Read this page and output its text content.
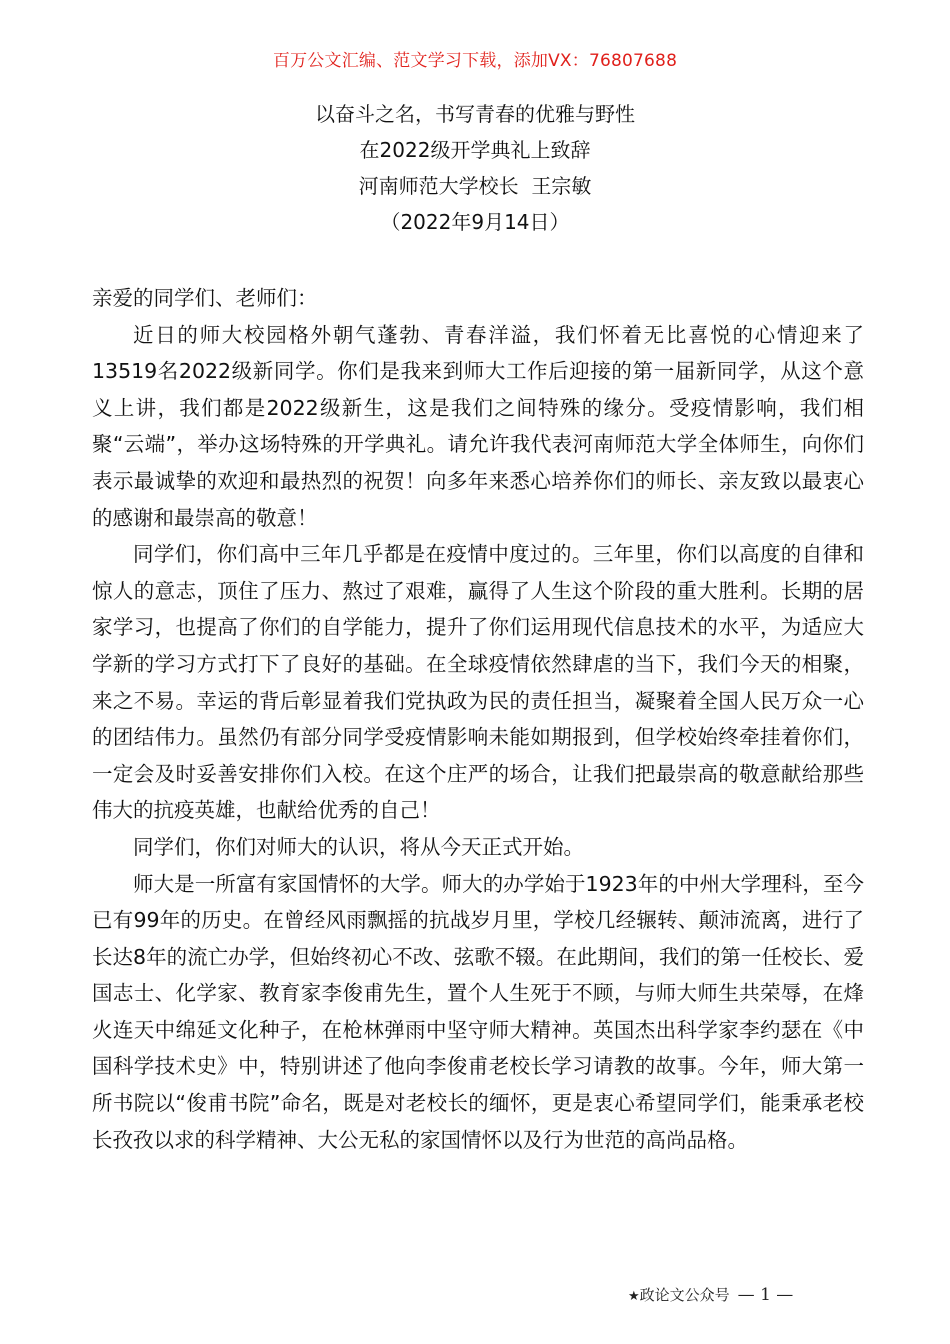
百万公文汇编、范文学习下载，添加VX：76807688
以奋斗之名，书写青春的优雅与野性
在2022级开学典礼上致辞
河南师范大学校长  王宗敏
（2022年9月14日）

亲爱的同学们、老师们：

近日的师大校园格外朝气蓬勃、青春洋溢，我们怀着无比喜悦的心情迎来了13519名2022级新同学。你们是我来到师大工作后迎接的第一届新同学，从这个意义上讲，我们都是2022级新生，这是我们之间特殊的缘分。受疫情影响，我们相聚“云端”，举办这场特殊的开学典礼。请允许我代表河南师范大学全体师生，向你们表示最诚挚的欢迎和最热烈的祝贺！向多年来悉心培养你们的师长、亲友致以最衷心的感谢和最崇高的敬意！

同学们，你们高中三年几乎都是在疫情中度过的。三年里，你们以高度的自律和惊人的意志，顶住了压力、熬过了艰难，赢得了人生这个阶段的重大胜利。长期的居家学习，也提高了你们的自学能力，提升了你们运用现代信息技术的水平，为适应大学新的学习方式打下了良好的基础。在全球疫情依然肆虐的当下，我们今天的相聚，来之不易。幸运的背后彰显着我们党执政为民的责任担当，凝聚着全国人民万众一心的团结伟力。虽然仍有部分同学受疫情影响未能如期报到，但学校始终牵挂着你们，一定会及时妥善安排你们入校。在这个庄严的场合，让我们把最崇高的敬意献给那些伟大的抗疫英雄，也献给优秀的自己！

同学们，你们对师大的认识，将从今天正式开始。

师大是一所富有家国情怀的大学。师大的办学始于1923年的中州大学理科，至今已有99年的历史。在曾经风雨飘摇的抗战岁月里，学校几经辗转、颠沛流离，进行了长达8年的流亡办学，但始终初心不改、弦歌不辍。在此期间，我们的第一任校长、爱国志士、化学家、教育家李俊甫先生，置个人生死于不顾，与师大师生共荣辱，在烽火连天中绵延文化种子，在枪林弹雨中坚守师大精神。英国杰出科学家李约瑟在《中国科学技术史》中，特别讲述了他向李俊甫老校长学习请教的故事。今年，师大第一所书院以“俊甫书院”命名，既是对老校长的缅怀，更是衷心希望同学们，能秉承老校长孜孜以求的科学精神、大公无私的家国情怀以及行为世范的高尚品格。

★政论文公众号 — 1 —
